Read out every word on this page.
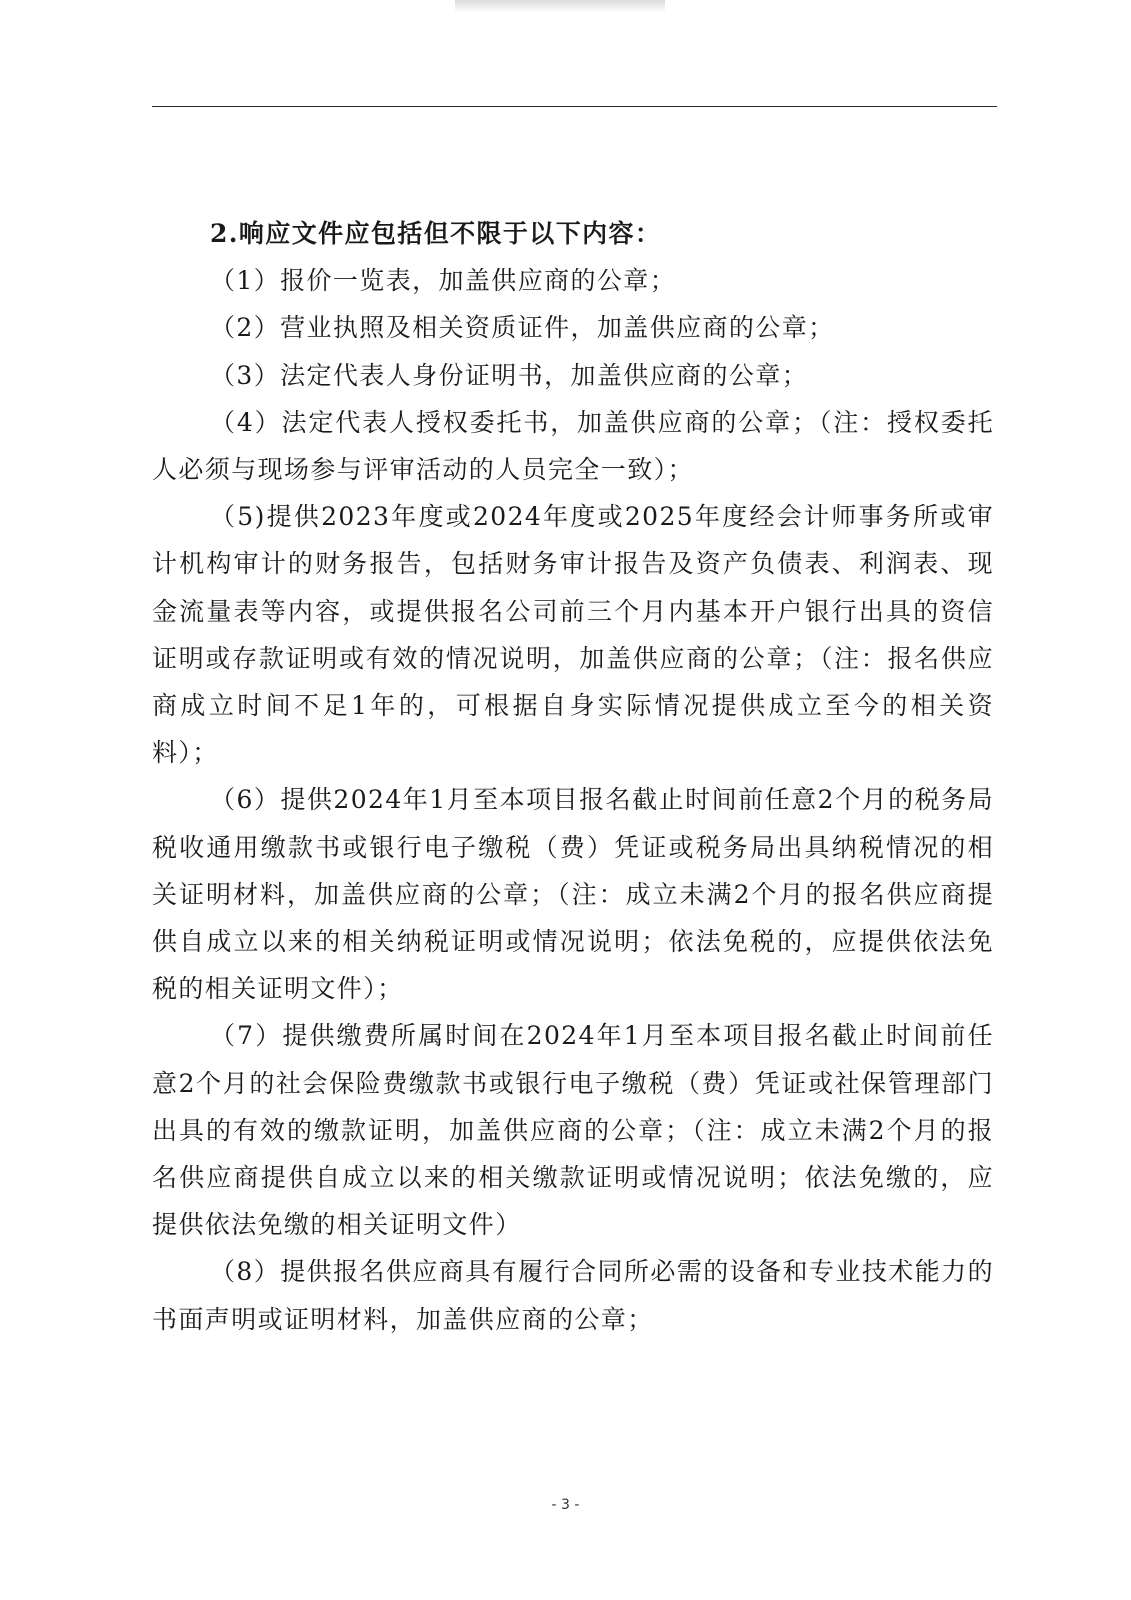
2.响应文件应包括但不限于以下内容：

（1）报价一览表，加盖供应商的公章；

（2）营业执照及相关资质证件，加盖供应商的公章；

（3）法定代表人身份证明书，加盖供应商的公章；

（4）法定代表人授权委托书，加盖供应商的公章；（注：授权委托人必须与现场参与评审活动的人员完全一致）；

（5)提供2023年度或2024年度或2025年度经会计师事务所或审计机构审计的财务报告，包括财务审计报告及资产负债表、利润表、现金流量表等内容，或提供报名公司前三个月内基本开户银行出具的资信证明或存款证明或有效的情况说明，加盖供应商的公章；（注：报名供应商成立时间不足1年的，可根据自身实际情况提供成立至今的相关资料）；

（6）提供2024年1月至本项目报名截止时间前任意2个月的税务局税收通用缴款书或银行电子缴税（费）凭证或税务局出具纳税情况的相关证明材料，加盖供应商的公章；（注：成立未满2个月的报名供应商提供自成立以来的相关纳税证明或情况说明；依法免税的，应提供依法免税的相关证明文件）；

（7）提供缴费所属时间在2024年1月至本项目报名截止时间前任意2个月的社会保险费缴款书或银行电子缴税（费）凭证或社保管理部门出具的有效的缴款证明，加盖供应商的公章；（注：成立未满2个月的报名供应商提供自成立以来的相关缴款证明或情况说明；依法免缴的，应提供依法免缴的相关证明文件）

（8）提供报名供应商具有履行合同所必需的设备和专业技术能力的书面声明或证明材料，加盖供应商的公章；

- 3 -
